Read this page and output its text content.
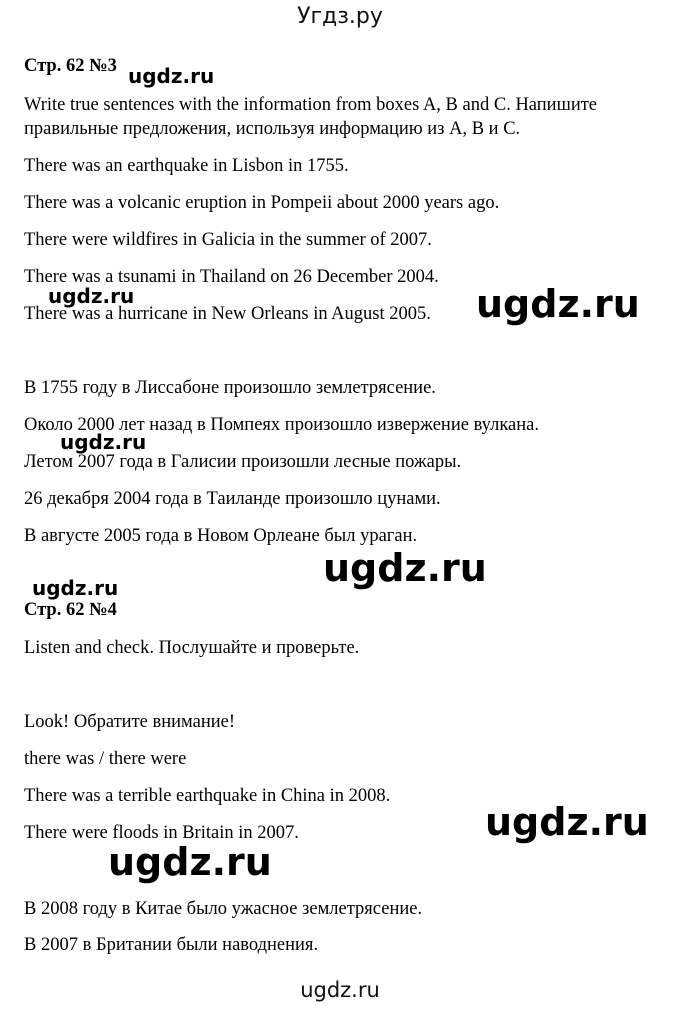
Угдз.ру
Стр. 62 №3
Write true sentences with the information from boxes A, B and C. Напишите
правильные предложения, используя информацию из А, В и С.
There was an earthquake in Lisbon in 1755.
There was a volcanic eruption in Pompeii about 2000 years ago.
There were wildfires in Galicia in the summer of 2007.
There was a tsunami in Thailand on 26 December 2004.
There was a hurricane in New Orleans in August 2005.
В 1755 году в Лиссабоне произошло землетрясение.
Около 2000 лет назад в Помпеях произошло извержение вулкана.
Летом 2007 года в Галисии произошли лесные пожары.
26 декабря 2004 года в Таиланде произошло цунами.
В августе 2005 года в Новом Орлеане был ураган.
Стр. 62 №4
Listen and check. Послушайте и проверьте.
Look! Обратите внимание!
there was / there were
There was a terrible earthquake in China in 2008.
There were floods in Britain in 2007.
В 2008 году в Китае было ужасное землетрясение.
В 2007 в Британии были наводнения.
ugdz.ru
ugdz.ru	ugdz.ru
ugdz.ru
ugdz.ru
ugdz.ru
ugdz.ru
ugdz.ru
ugdz.ru
